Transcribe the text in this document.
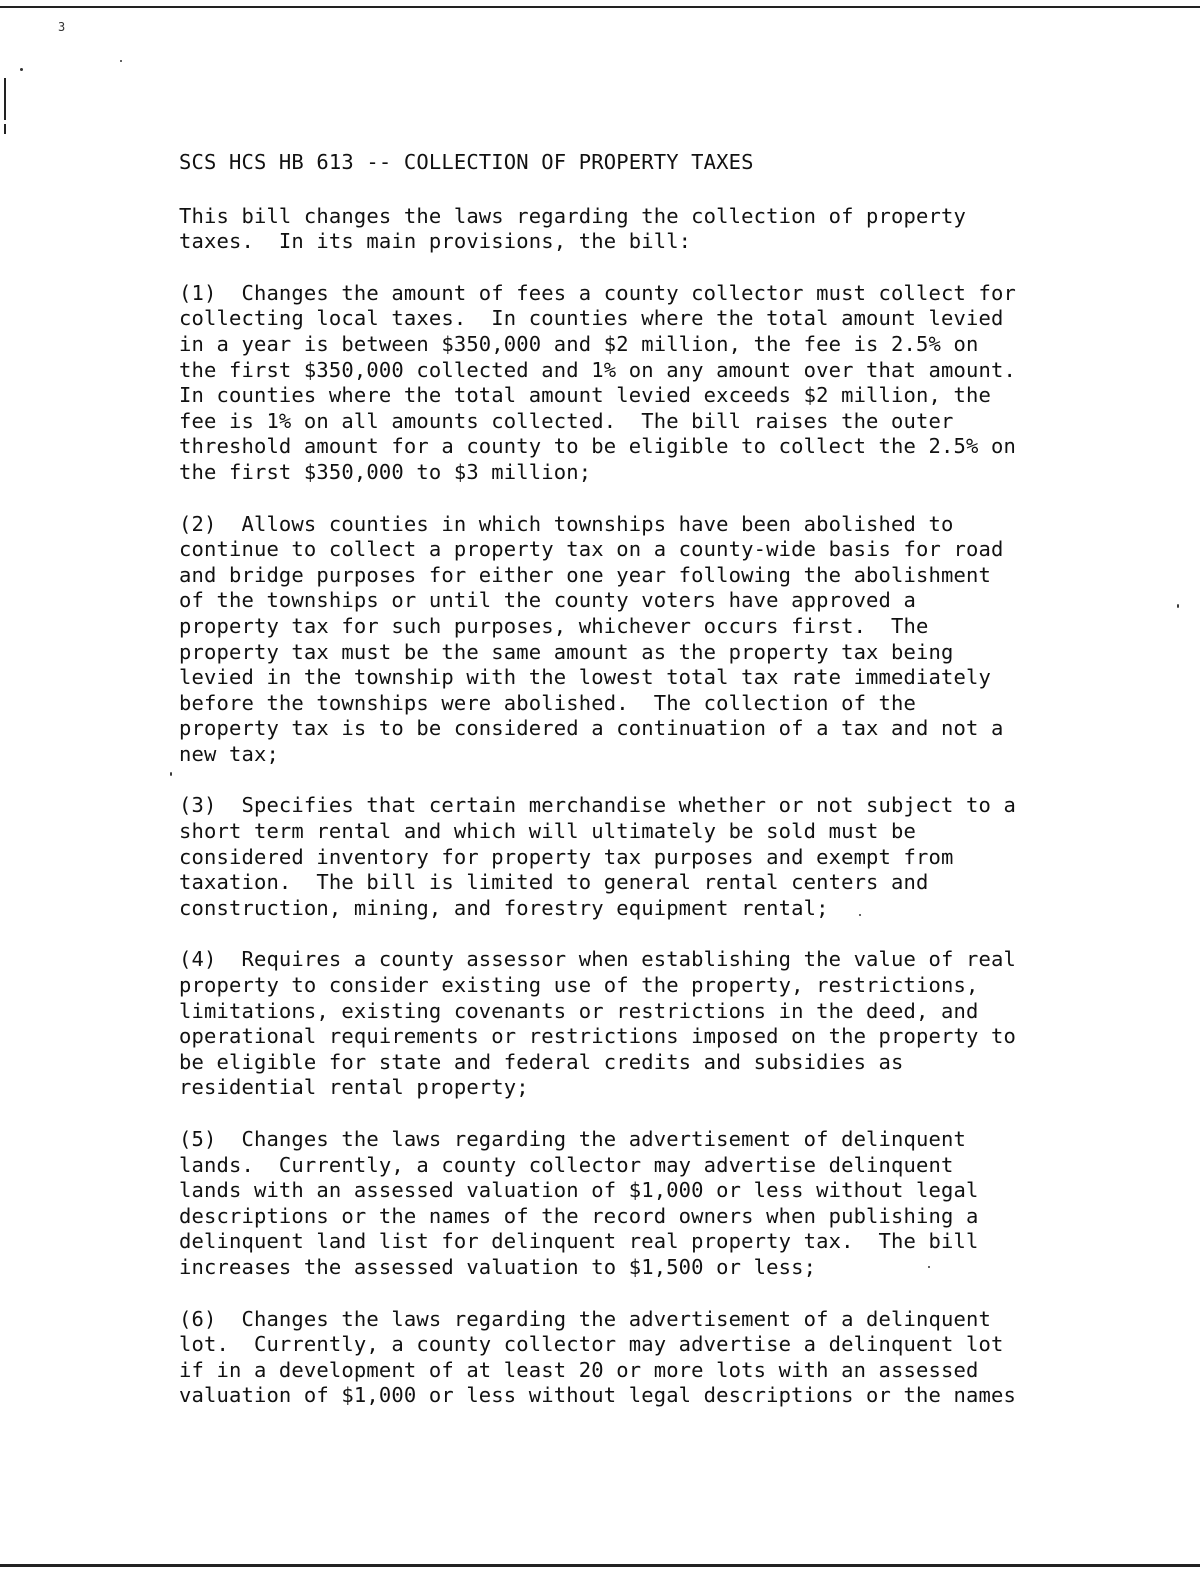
3
SCS HCS HB 613 -- COLLECTION OF PROPERTY TAXES
This bill changes the laws regarding the collection of property
taxes.  In its main provisions, the bill:
(1)  Changes the amount of fees a county collector must collect for
collecting local taxes.  In counties where the total amount levied
in a year is between $350,000 and $2 million, the fee is 2.5% on
the first $350,000 collected and 1% on any amount over that amount.
In counties where the total amount levied exceeds $2 million, the
fee is 1% on all amounts collected.  The bill raises the outer
threshold amount for a county to be eligible to collect the 2.5% on
the first $350,000 to $3 million;
(2)  Allows counties in which townships have been abolished to
continue to collect a property tax on a county-wide basis for road
and bridge purposes for either one year following the abolishment
of the townships or until the county voters have approved a
property tax for such purposes, whichever occurs first.  The
property tax must be the same amount as the property tax being
levied in the township with the lowest total tax rate immediately
before the townships were abolished.  The collection of the
property tax is to be considered a continuation of a tax and not a
new tax;
(3)  Specifies that certain merchandise whether or not subject to a
short term rental and which will ultimately be sold must be
considered inventory for property tax purposes and exempt from
taxation.  The bill is limited to general rental centers and
construction, mining, and forestry equipment rental;
(4)  Requires a county assessor when establishing the value of real
property to consider existing use of the property, restrictions,
limitations, existing covenants or restrictions in the deed, and
operational requirements or restrictions imposed on the property to
be eligible for state and federal credits and subsidies as
residential rental property;
(5)  Changes the laws regarding the advertisement of delinquent
lands.  Currently, a county collector may advertise delinquent
lands with an assessed valuation of $1,000 or less without legal
descriptions or the names of the record owners when publishing a
delinquent land list for delinquent real property tax.  The bill
increases the assessed valuation to $1,500 or less;
(6)  Changes the laws regarding the advertisement of a delinquent
lot.  Currently, a county collector may advertise a delinquent lot
if in a development of at least 20 or more lots with an assessed
valuation of $1,000 or less without legal descriptions or the names
